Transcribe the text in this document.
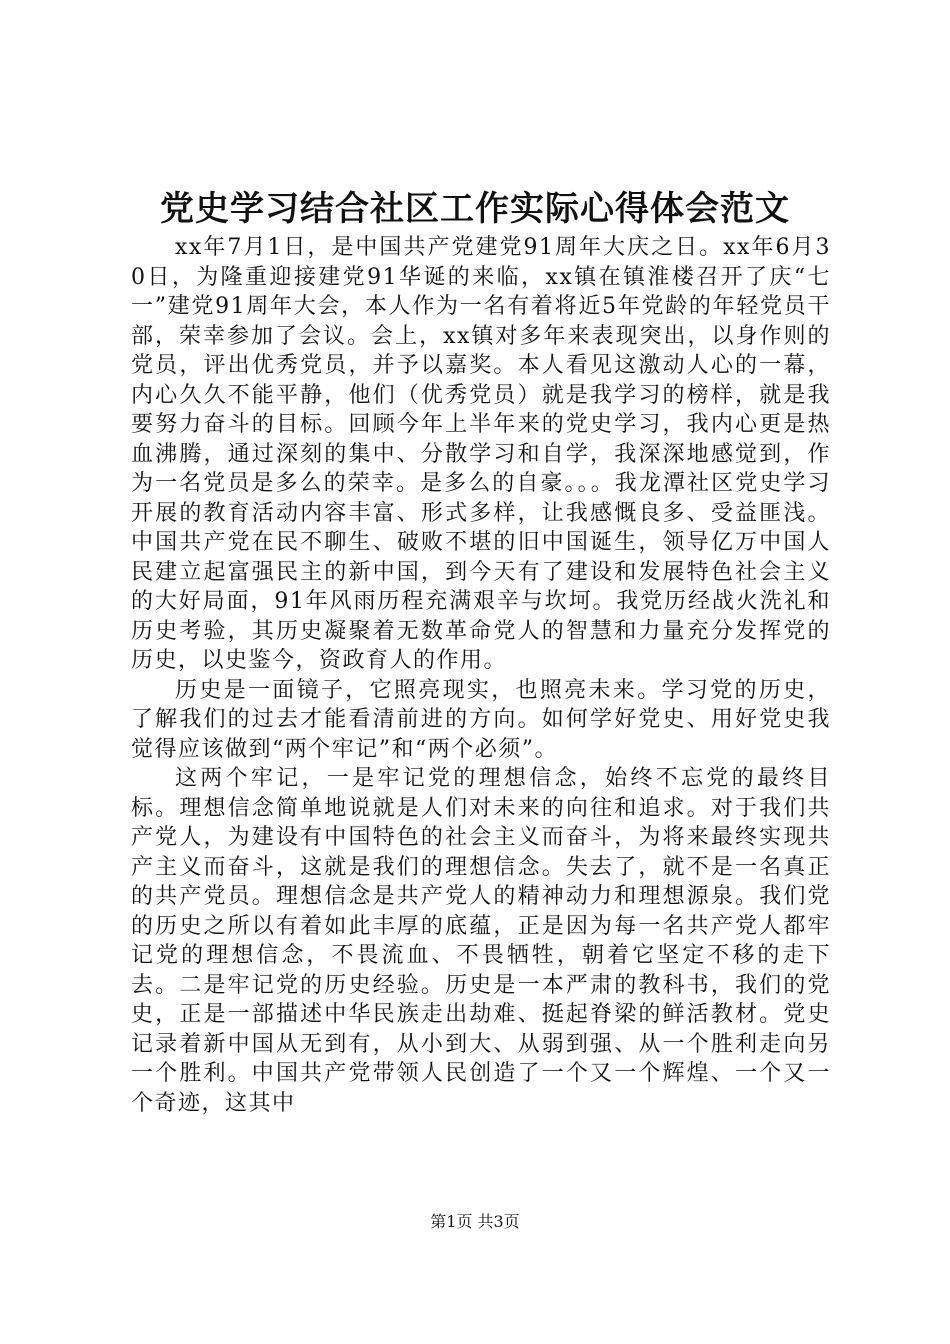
党史学习结合社区工作实际心得体会范文

xx年7月1日，是中国共产党建党91周年大庆之日。xx年6月30日，为隆重迎接建党91华诞的来临，xx镇在镇淮楼召开了庆“七一”建党91周年大会，本人作为一名有着将近5年党龄的年轻党员干部，荣幸参加了会议。会上，xx镇对多年来表现突出，以身作则的党员，评出优秀党员，并予以嘉奖。本人看见这激动人心的一幕，内心久久不能平静，他们（优秀党员）就是我学习的榜样，就是我要努力奋斗的目标。回顾今年上半年来的党史学习，我内心更是热血沸腾，通过深刻的集中、分散学习和自学，我深深地感觉到，作为一名党员是多么的荣幸。是多么的自豪。。。我龙潭社区党史学习开展的教育活动内容丰富、形式多样，让我感慨良多、受益匪浅。中国共产党在民不聊生、破败不堪的旧中国诞生，领导亿万中国人民建立起富强民主的新中国，到今天有了建设和发展特色社会主义的大好局面，91年风雨历程充满艰辛与坎坷。我党历经战火洗礼和历史考验，其历史凝聚着无数革命党人的智慧和力量充分发挥党的历史，以史鉴今，资政育人的作用。

历史是一面镜子，它照亮现实，也照亮未来。学习党的历史，了解我们的过去才能看清前进的方向。如何学好党史、用好党史我觉得应该做到“两个牢记”和“两个必须”。

这两个牢记，一是牢记党的理想信念，始终不忘党的最终目标。理想信念简单地说就是人们对未来的向往和追求。对于我们共产党人，为建设有中国特色的社会主义而奋斗，为将来最终实现共产主义而奋斗，这就是我们的理想信念。失去了，就不是一名真正的共产党员。理想信念是共产党人的精神动力和理想源泉。我们党的历史之所以有着如此丰厚的底蕴，正是因为每一名共产党人都牢记党的理想信念，不畏流血、不畏牺牲，朝着它坚定不移的走下去。二是牢记党的历史经验。历史是一本严肃的教科书，我们的党史，正是一部描述中华民族走出劫难、挺起脊梁的鲜活教材。党史记录着新中国从无到有，从小到大、从弱到强、从一个胜利走向另一个胜利。中国共产党带领人民创造了一个又一个辉煌、一个又一个奇迹，这其中

第1页 共3页
